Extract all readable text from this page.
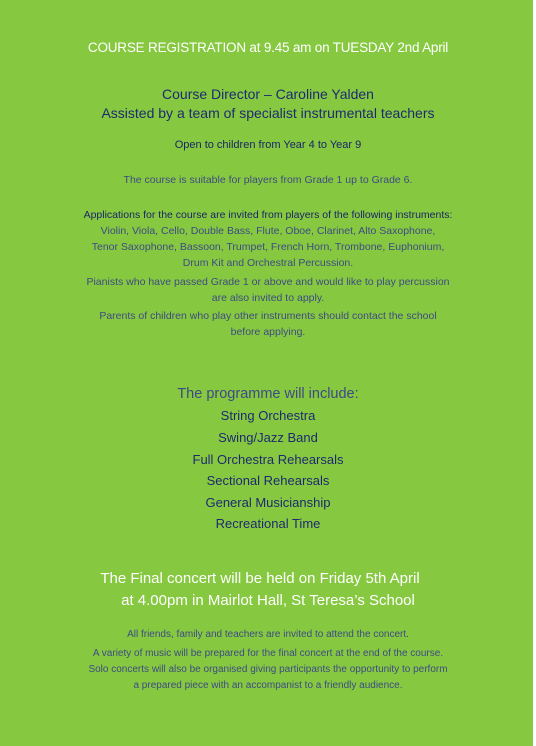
COURSE REGISTRATION at 9.45 am on TUESDAY 2nd April
Course Director – Caroline Yalden
Assisted by a team of specialist instrumental teachers
Open to children from Year 4 to Year 9
The course is suitable for players from Grade 1 up to Grade 6.
Applications for the course are invited from players of the following instruments:
Violin, Viola, Cello, Double Bass, Flute, Oboe, Clarinet, Alto Saxophone,
Tenor Saxophone, Bassoon, Trumpet, French Horn, Trombone, Euphonium,
Drum Kit and Orchestral Percussion.
Pianists who have passed Grade 1 or above and would like to play percussion
are also invited to apply.
Parents of children who play other instruments should contact the school
before applying.
The programme will include:
String Orchestra
Swing/Jazz Band
Full Orchestra Rehearsals
Sectional Rehearsals
General Musicianship
Recreational Time
The Final concert will be held on Friday 5th April
at 4.00pm in Mairlot Hall, St Teresa’s School
All friends, family and teachers are invited to attend the concert.
A variety of music will be prepared for the final concert at the end of the course.
Solo concerts will also be organised giving participants the opportunity to perform
a prepared piece with an accompanist to a friendly audience.
